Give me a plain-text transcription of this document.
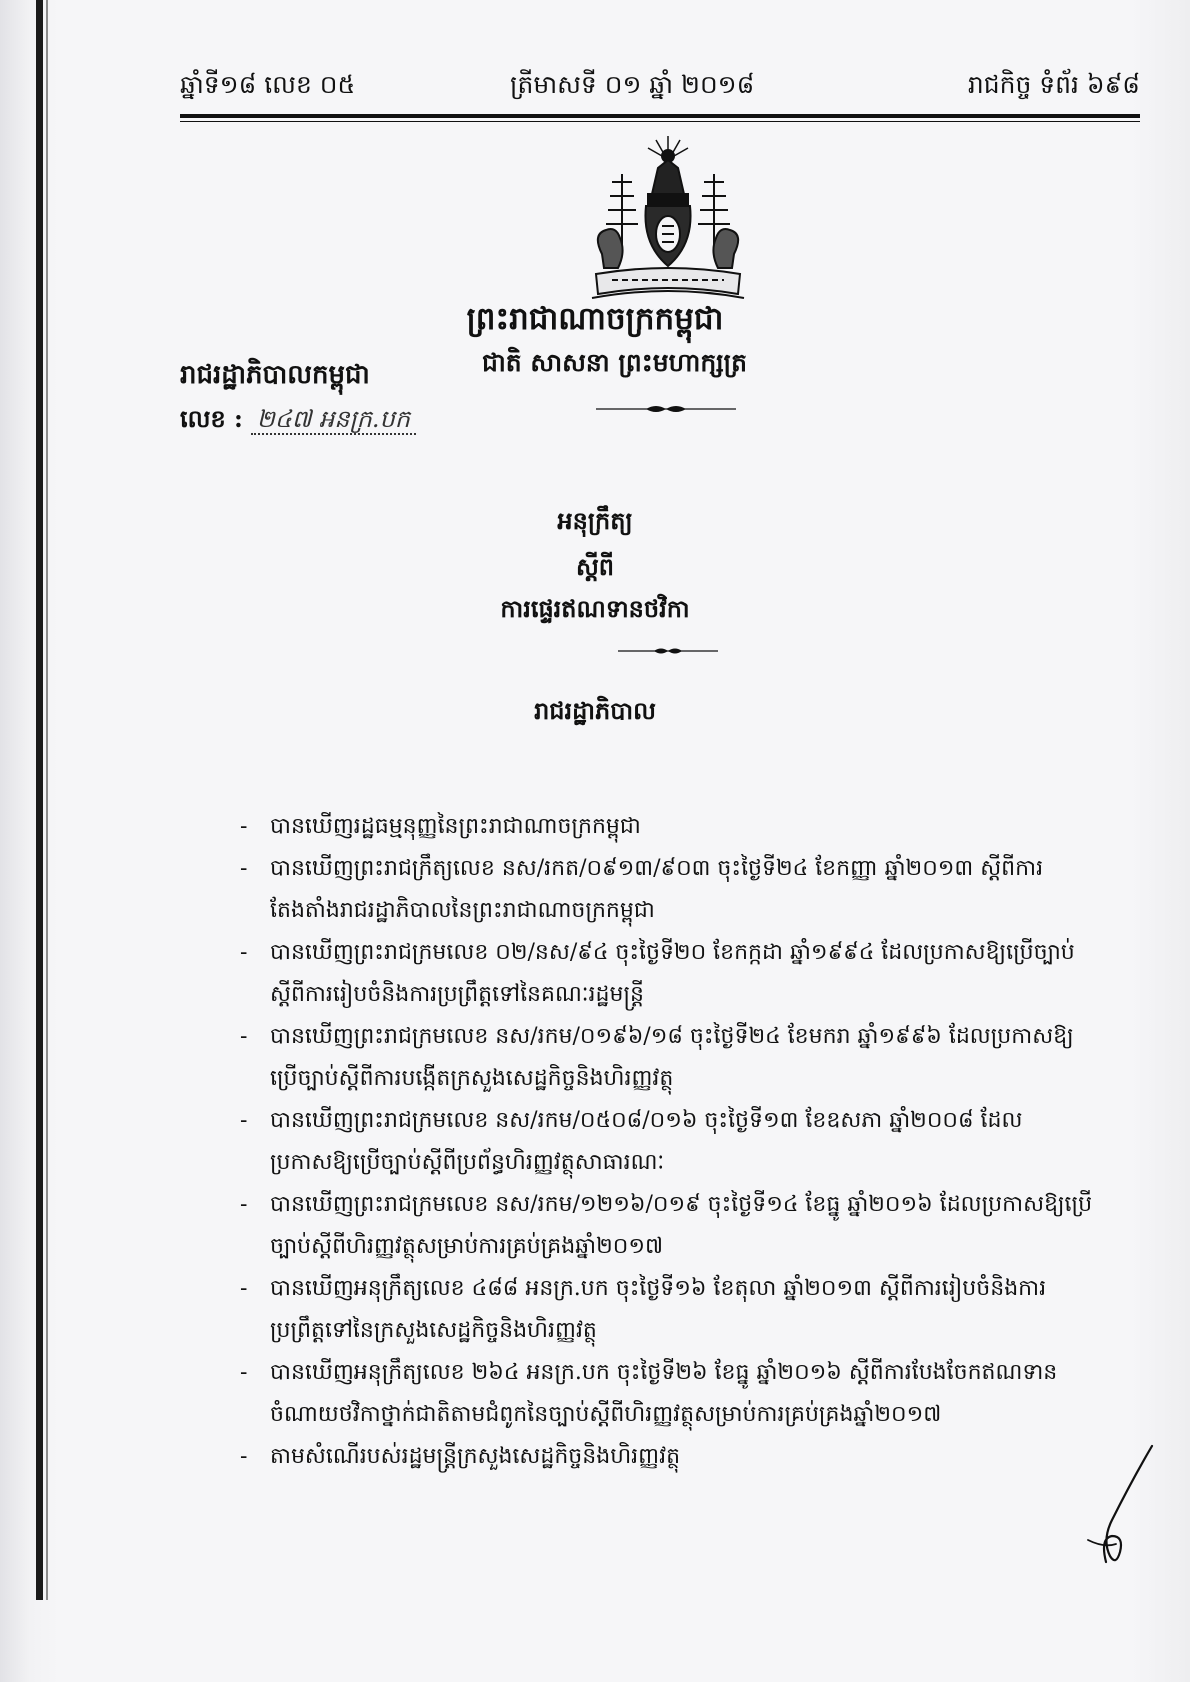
ឆ្នាំទី១៨ លេខ ០៥	ត្រីមាសទី ០១ ឆ្នាំ ២០១៨	រាជកិច្ច ទំព័រ ៦៩៨
ព្រះរាជាណាចក្រកម្ពុជា
ជាតិ សាសនា ព្រះមហាក្សត្រ
រាជរដ្ឋាភិបាលកម្ពុជា
លេខ : ២៤៧ អនក្រ.បក
អនុក្រឹត្យ
ស្តីពី
ការផ្ទេរឥណទានថវិកា
រាជរដ្ឋាភិបាល
- បានឃើញរដ្ឋធម្មនុញ្ញនៃព្រះរាជាណាចក្រកម្ពុជា
- បានឃើញព្រះរាជក្រឹត្យលេខ នស/រកត/០៩១៣/៩០៣ ចុះថ្ងៃទី២៤ ខែកញ្ញា ឆ្នាំ២០១៣ ស្តីពីការតែងតាំងរាជរដ្ឋាភិបាលនៃព្រះរាជាណាចក្រកម្ពុជា
- បានឃើញព្រះរាជក្រមលេខ ០២/នស/៩៤ ចុះថ្ងៃទី២០ ខែកក្កដា ឆ្នាំ១៩៩៤ ដែលប្រកាសឱ្យប្រើច្បាប់ស្តីពីការរៀបចំនិងការប្រព្រឹត្តទៅនៃគណៈរដ្ឋមន្ត្រី
- បានឃើញព្រះរាជក្រមលេខ នស/រកម/០១៩៦/១៨ ចុះថ្ងៃទី២៤ ខែមករា ឆ្នាំ១៩៩៦ ដែលប្រកាសឱ្យប្រើច្បាប់ស្តីពីការបង្កើតក្រសួងសេដ្ឋកិច្ចនិងហិរញ្ញវត្ថុ
- បានឃើញព្រះរាជក្រមលេខ នស/រកម/០៥០៨/០១៦ ចុះថ្ងៃទី១៣ ខែឧសភា ឆ្នាំ២០០៨ ដែលប្រកាសឱ្យប្រើច្បាប់ស្តីពីប្រព័ន្ធហិរញ្ញវត្ថុសាធារណៈ
- បានឃើញព្រះរាជក្រមលេខ នស/រកម/១២១៦/០១៩ ចុះថ្ងៃទី១៤ ខែធ្នូ ឆ្នាំ២០១៦ ដែលប្រកាសឱ្យប្រើច្បាប់ស្តីពីហិរញ្ញវត្ថុសម្រាប់ការគ្រប់គ្រងឆ្នាំ២០១៧
- បានឃើញអនុក្រឹត្យលេខ ៤៨៨ អនក្រ.បក ចុះថ្ងៃទី១៦ ខែតុលា ឆ្នាំ២០១៣ ស្តីពីការរៀបចំនិងការប្រព្រឹត្តទៅនៃក្រសួងសេដ្ឋកិច្ចនិងហិរញ្ញវត្ថុ
- បានឃើញអនុក្រឹត្យលេខ ២៦៤ អនក្រ.បក ចុះថ្ងៃទី២៦ ខែធ្នូ ឆ្នាំ២០១៦ ស្តីពីការបែងចែកឥណទានចំណាយថវិកាថ្នាក់ជាតិតាមជំពូកនៃច្បាប់ស្តីពីហិរញ្ញវត្ថុសម្រាប់ការគ្រប់គ្រងឆ្នាំ២០១៧
- តាមសំណើរបស់រដ្ឋមន្ត្រីក្រសួងសេដ្ឋកិច្ចនិងហិរញ្ញវត្ថុ
